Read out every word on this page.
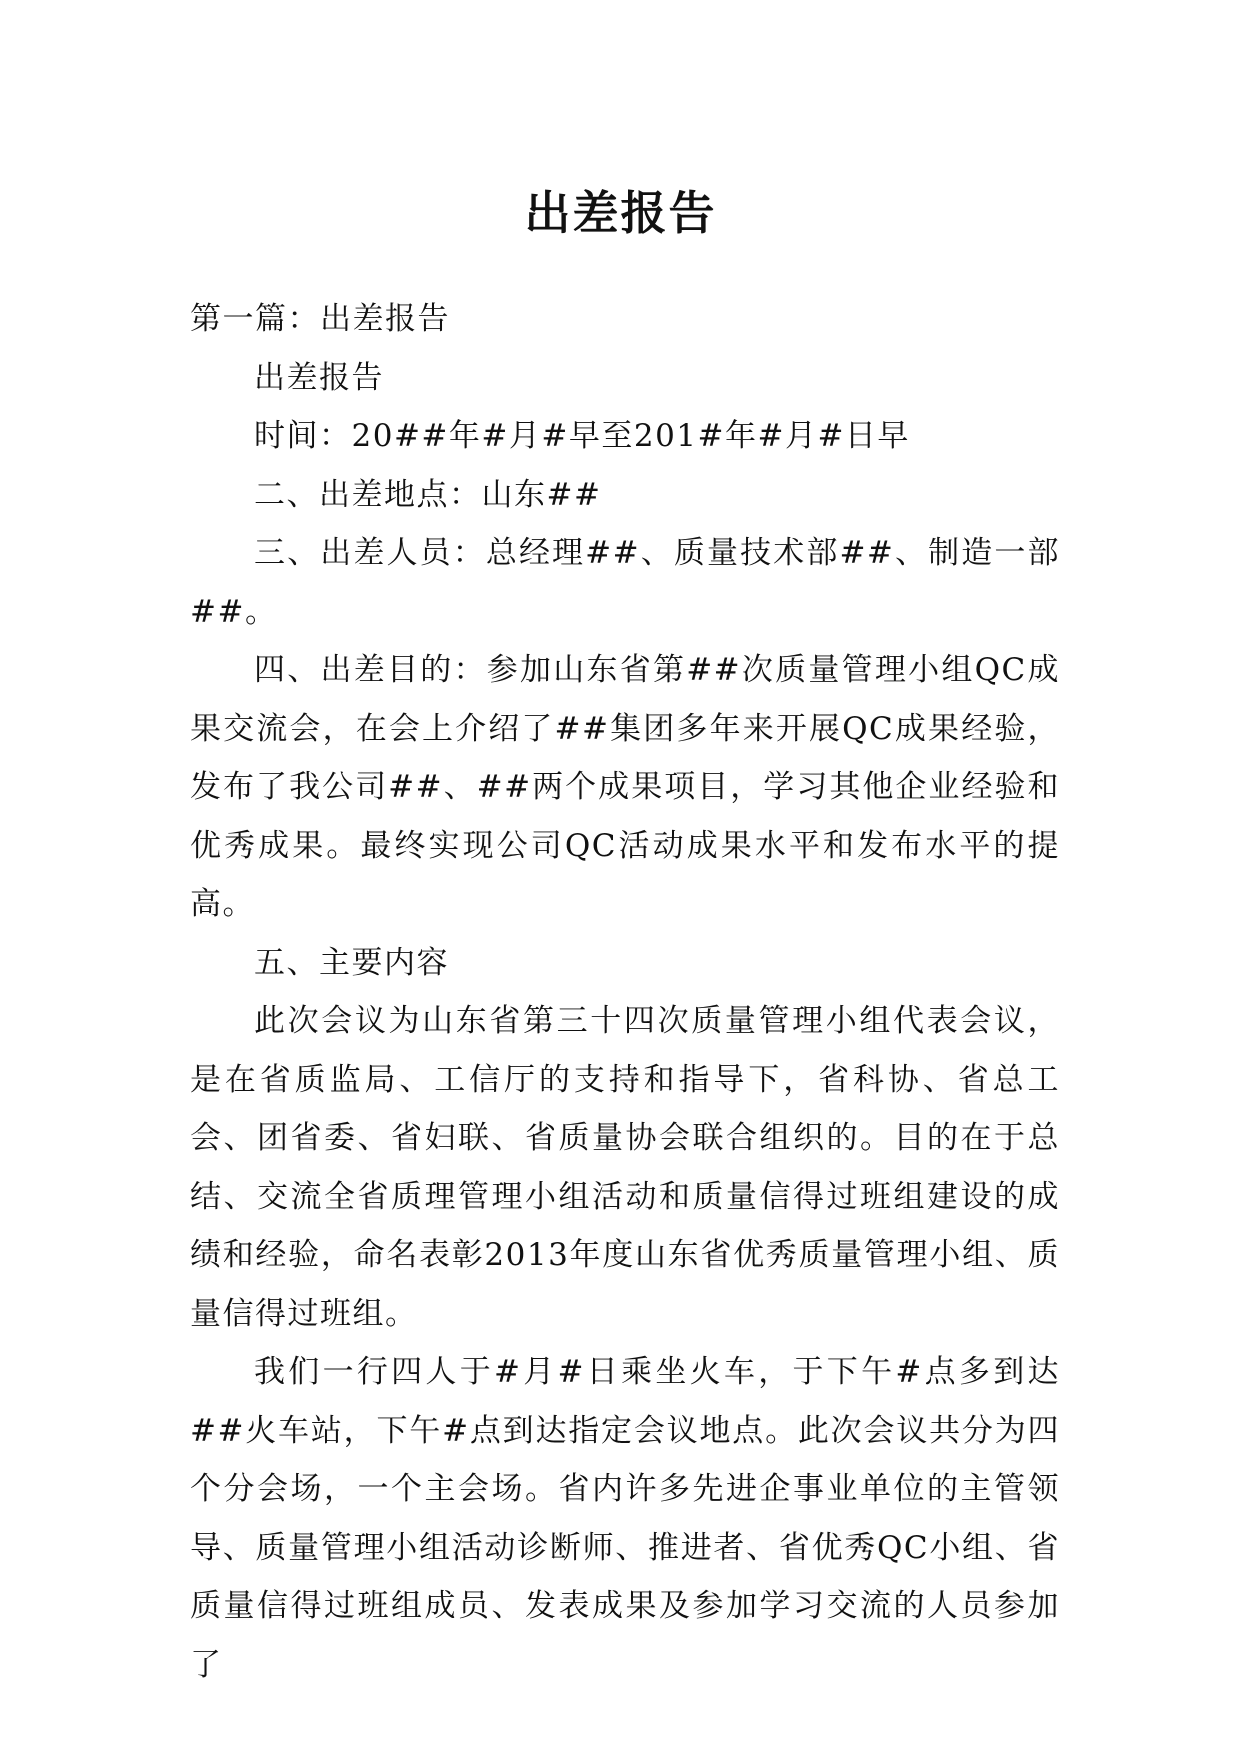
出差报告

第一篇：出差报告

出差报告

时间：20##年#月#早至201#年#月#日早

二、出差地点：山东##

三、出差人员：总经理##、质量技术部##、制造一部##。

四、出差目的：参加山东省第##次质量管理小组QC成果交流会，在会上介绍了##集团多年来开展QC成果经验，发布了我公司##、##两个成果项目，学习其他企业经验和优秀成果。最终实现公司QC活动成果水平和发布水平的提高。

五、主要内容

此次会议为山东省第三十四次质量管理小组代表会议，是在省质监局、工信厅的支持和指导下，省科协、省总工会、团省委、省妇联、省质量协会联合组织的。目的在于总结、交流全省质理管理小组活动和质量信得过班组建设的成绩和经验，命名表彰2013年度山东省优秀质量管理小组、质量信得过班组。

我们一行四人于#月#日乘坐火车，于下午#点多到达##火车站，下午#点到达指定会议地点。此次会议共分为四个分会场，一个主会场。省内许多先进企事业单位的主管领导、质量管理小组活动诊断师、推进者、省优秀QC小组、省质量信得过班组成员、发表成果及参加学习交流的人员参加了
